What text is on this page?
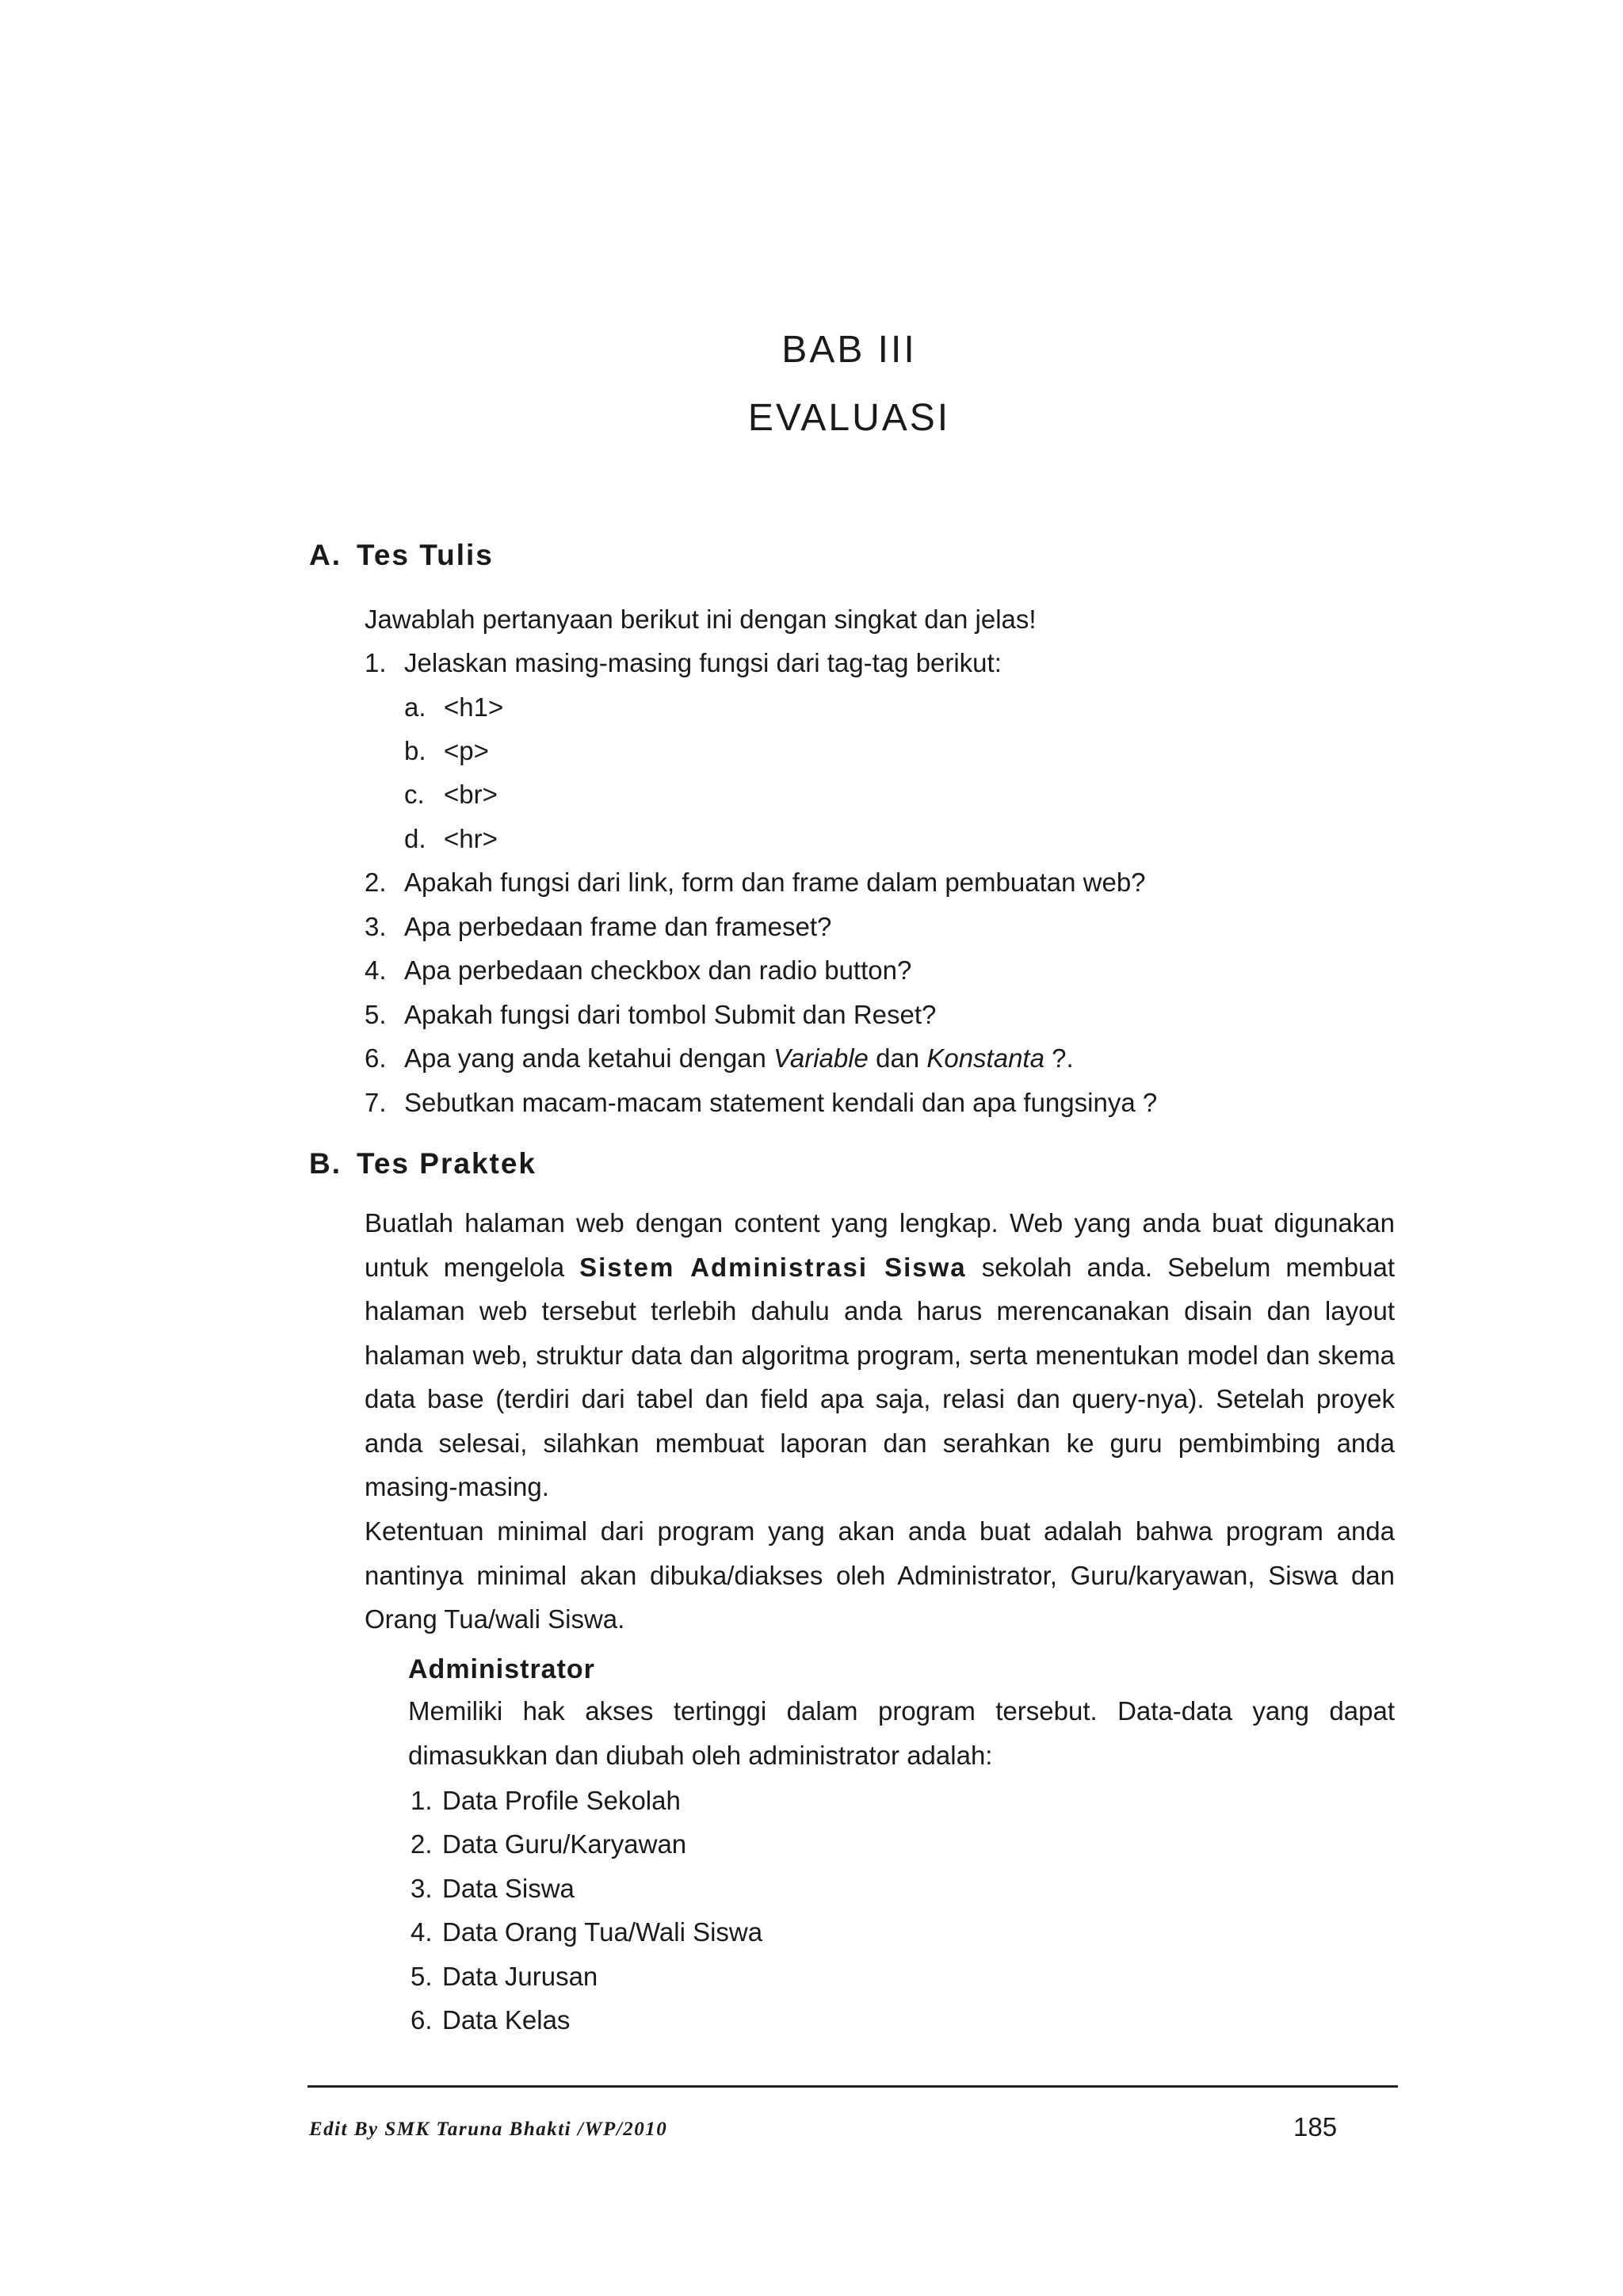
BAB III
EVALUASI
A. Tes Tulis
Jawablah pertanyaan berikut ini dengan singkat dan jelas!
1. Jelaskan masing-masing fungsi dari tag-tag berikut:
a. <h1>
b. <p>
c. <br>
d. <hr>
2. Apakah fungsi dari link, form dan frame dalam pembuatan web?
3. Apa perbedaan frame dan frameset?
4. Apa perbedaan checkbox dan radio button?
5. Apakah fungsi dari tombol Submit dan Reset?
6. Apa yang anda ketahui dengan Variable dan Konstanta ?.
7. Sebutkan macam-macam statement kendali dan apa fungsinya ?
B. Tes Praktek
Buatlah halaman web dengan content yang lengkap. Web yang anda buat digunakan untuk mengelola Sistem Administrasi Siswa sekolah anda. Sebelum membuat halaman web tersebut terlebih dahulu anda harus merencanakan disain dan layout halaman web, struktur data dan algoritma program, serta menentukan model dan skema data base (terdiri dari tabel dan field apa saja, relasi dan query-nya). Setelah proyek anda selesai, silahkan membuat laporan dan serahkan ke guru pembimbing anda masing-masing.
Ketentuan minimal dari program yang akan anda buat adalah bahwa program anda nantinya minimal akan dibuka/diakses oleh Administrator, Guru/karyawan, Siswa dan Orang Tua/wali Siswa.
Administrator
Memiliki hak akses tertinggi dalam program tersebut. Data-data yang dapat dimasukkan dan diubah oleh administrator adalah:
1. Data Profile Sekolah
2. Data Guru/Karyawan
3. Data Siswa
4. Data Orang Tua/Wali Siswa
5. Data Jurusan
6. Data Kelas
Edit By SMK Taruna Bhakti /WP/2010	185
